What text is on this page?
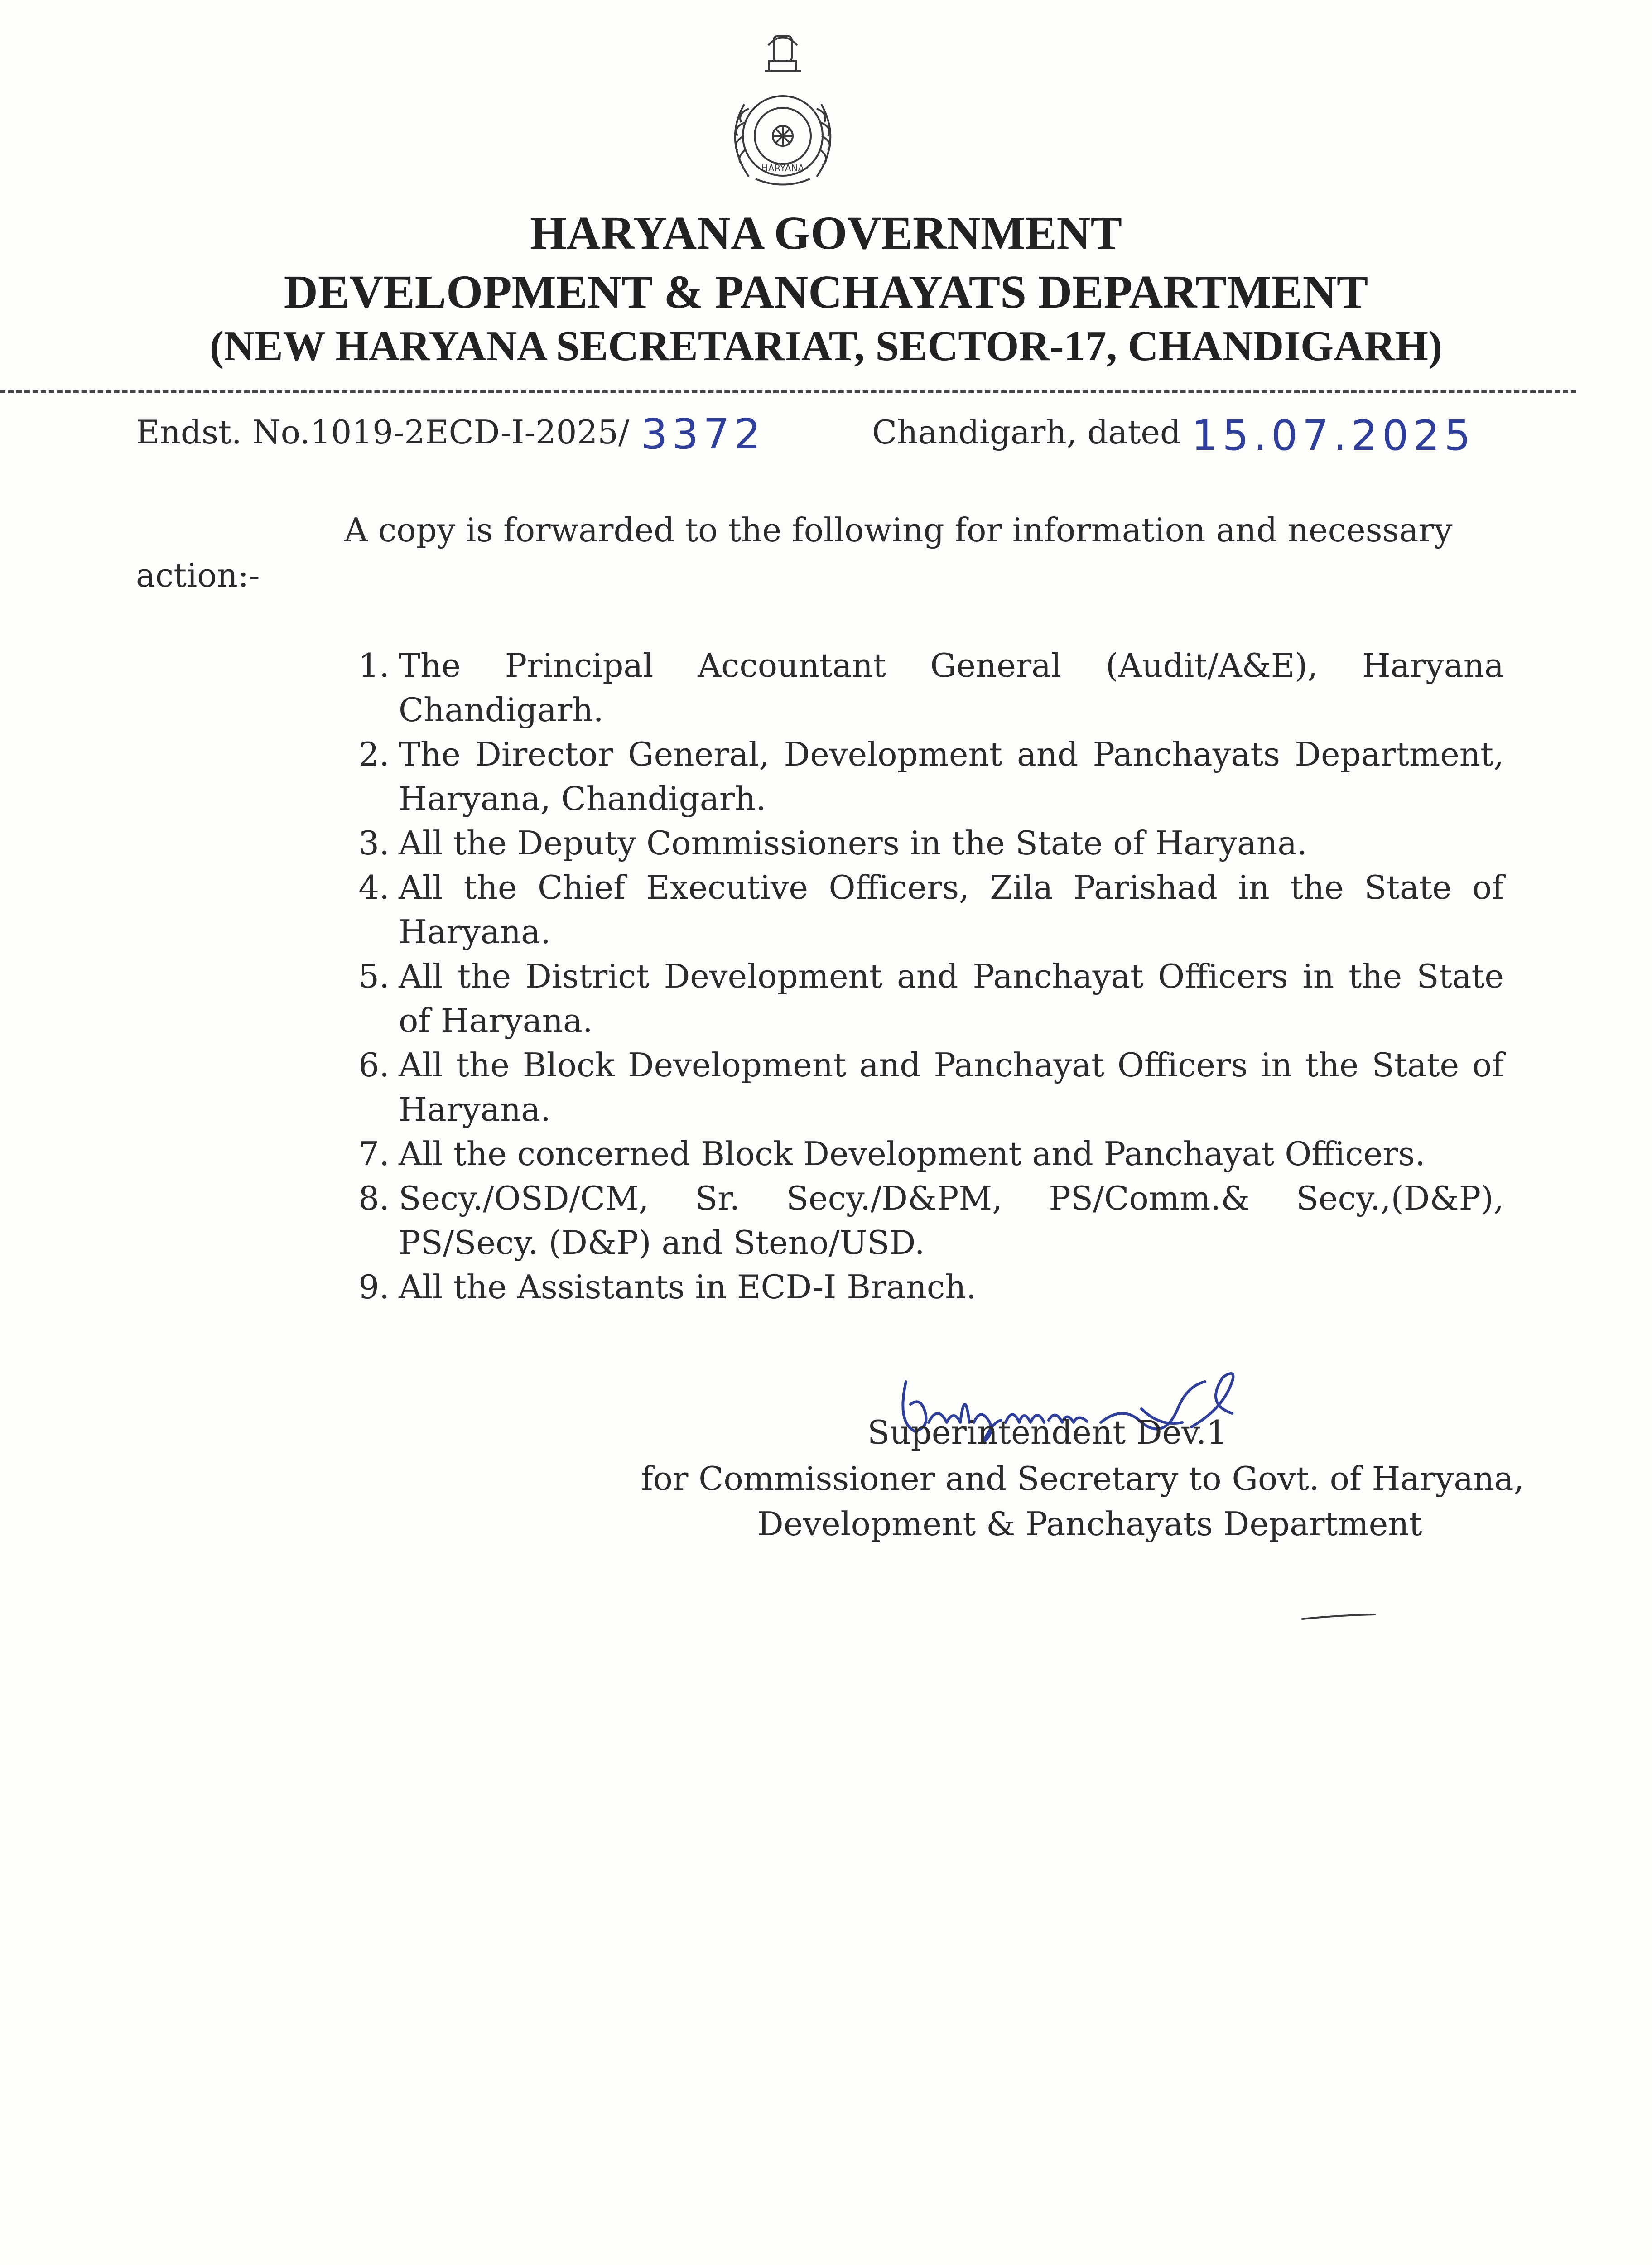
HARYANA
HARYANA GOVERNMENT
DEVELOPMENT & PANCHAYATS DEPARTMENT
(NEW HARYANA SECRETARIAT, SECTOR-17, CHANDIGARH)
Endst. No.1019-2ECD-I-2025/ 3372	Chandigarh, dated 15.07.2025
A copy is forwarded to the following for information and necessary
action:-
1. The Principal Accountant General (Audit/A&E), Haryana Chandigarh.
2. The Director General, Development and Panchayats Department, Haryana, Chandigarh.
3. All the Deputy Commissioners in the State of Haryana.
4. All the Chief Executive Officers, Zila Parishad in the State of Haryana.
5. All the District Development and Panchayat Officers in the State of Haryana.
6. All the Block Development and Panchayat Officers in the State of Haryana.
7. All the concerned Block Development and Panchayat Officers.
8. Secy./OSD/CM, Sr. Secy./D&PM, PS/Comm.& Secy.,(D&P), PS/Secy. (D&P) and Steno/USD.
9. All the Assistants in ECD-I Branch.
Superintendent Dev.1
for Commissioner and Secretary to Govt. of Haryana,
Development & Panchayats Department
